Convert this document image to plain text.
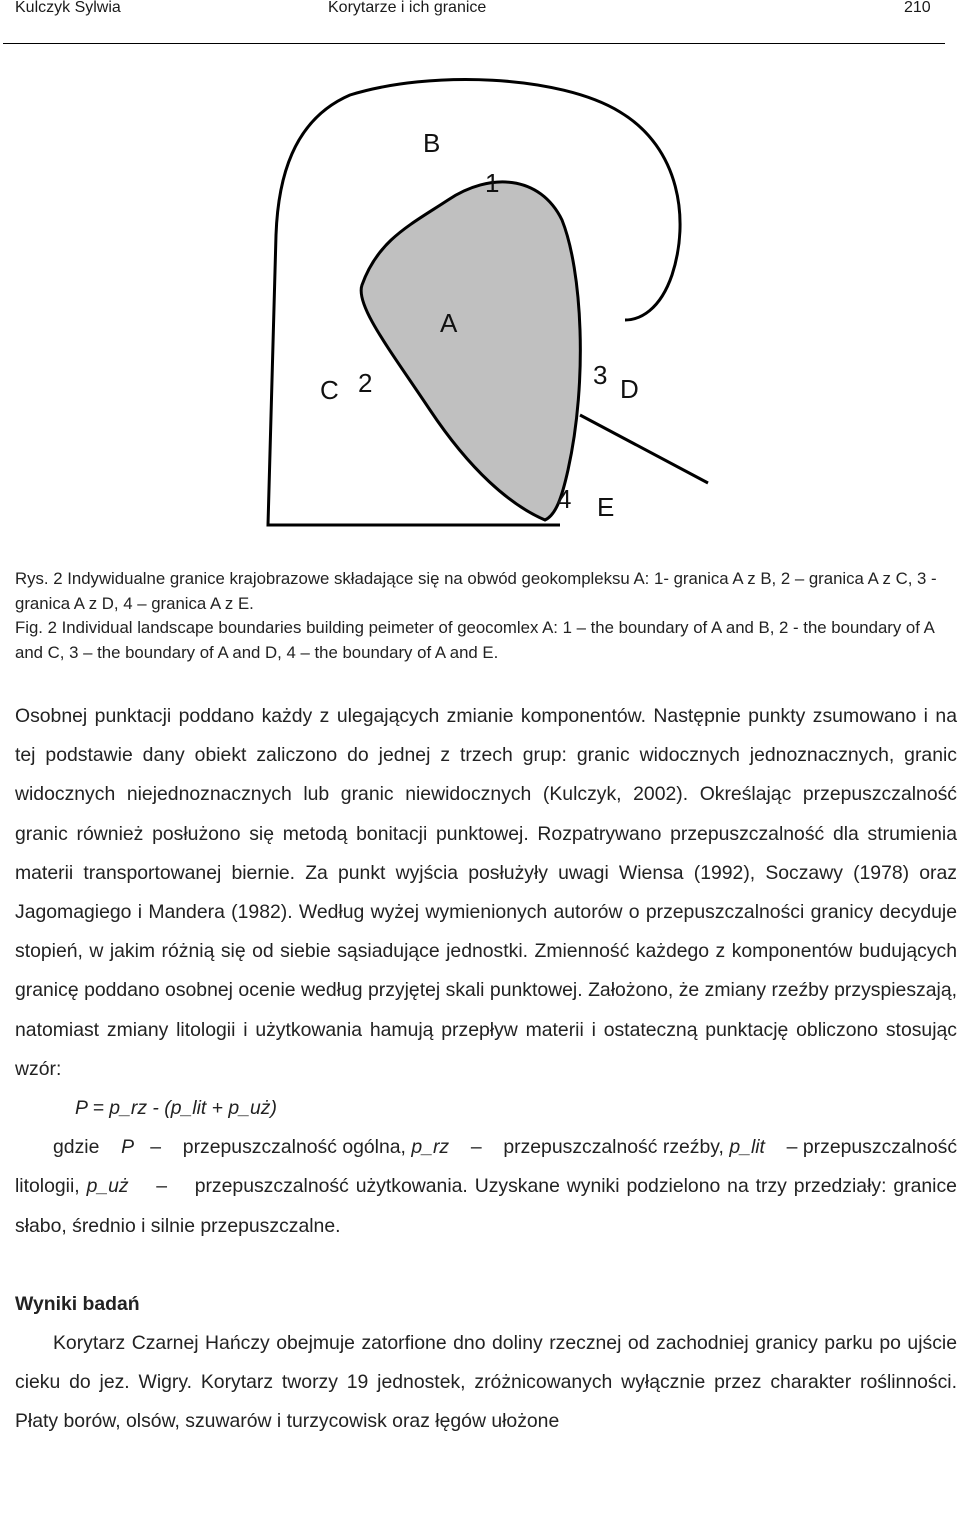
Kulczyk Sylwia	Korytarze i ich granice	210
B
1
A
C 2	3 D
4 E

Rys. 2 Indywidualne granice krajobrazowe składające się na obwód geokompleksu A: 1- granica A z B, 2 – granica A z C, 3 - granica A z D, 4 – granica A z E.

Fig. 2 Individual landscape boundaries building peimeter of geocomlex A: 1 – the boundary of A and B, 2 - the boundary of A and C, 3 – the boundary of A and D, 4 – the boundary of A and E.

Osobnej punktacji poddano każdy z ulegających zmianie komponentów. Następnie punkty zsumowano i na tej podstawie dany obiekt zaliczono do jednej z trzech grup: granic widocznych jednoznacznych, granic widocznych niejednoznacznych lub granic niewidocznych (Kulczyk, 2002). Określając przepuszczalność granic również posłużono się metodą bonitacji punktowej. Rozpatrywano przepuszczalność dla strumienia materii transportowanej biernie. Za punkt wyjścia posłużyły uwagi Wiensa (1992), Soczawy (1978) oraz Jagomagiego i Mandera (1982). Według wyżej wymienionych autorów o przepuszczalności granicy decyduje stopień, w jakim różnią się od siebie sąsiadujące jednostki. Zmienność każdego z komponentów budujących granicę poddano osobnej ocenie według przyjętej skali punktowej. Założono, że zmiany rzeźby przyspieszają, natomiast zmiany litologii i użytkowania hamują przepływ materii i ostateczną punktację obliczono stosując wzór:

P = p_rz - (p_lit + p_uż)

gdzie P – przepuszczalność ogólna, p_rz – przepuszczalność rzeźby, p_lit – przepuszczalność litologii, p_uż – przepuszczalność użytkowania. Uzyskane wyniki podzielono na trzy przedziały: granice słabo, średnio i silnie przepuszczalne.

Wyniki badań

Korytarz Czarnej Hańczy obejmuje zatorfione dno doliny rzecznej od zachodniej granicy parku po ujście cieku do jez. Wigry. Korytarz tworzy 19 jednostek, zróżnicowanych wyłącznie przez charakter roślinności. Płaty borów, olsów, szuwarów i turzycowisk oraz łęgów ułożone
